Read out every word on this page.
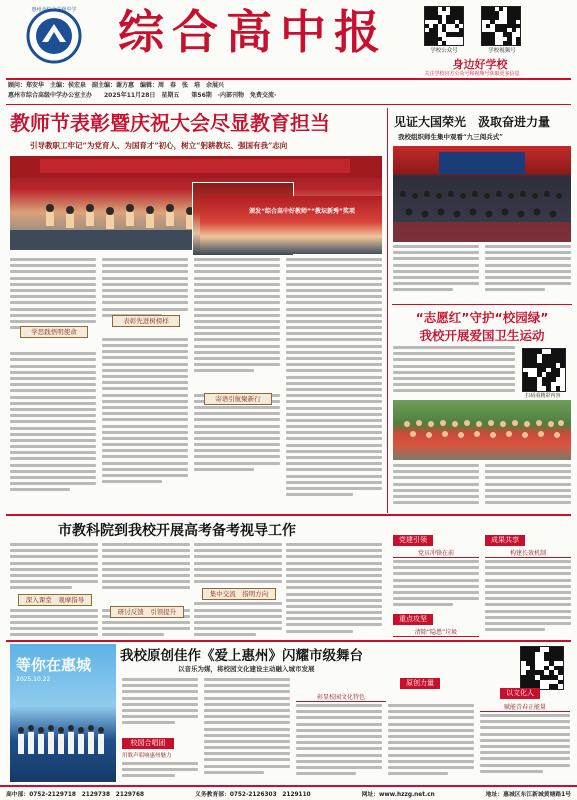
惠州市综合高级中学 综合高中报	学校公众号	学校视频号
身边好学校
关注学校官方公众号和视频号获取更多信息
顾问：郑安华　主编：侯宏泉　副主编：谢方惠　编辑：周　春　张　培　余展兴
惠州市综合高级中学办公室主办　　2025年11月28日　星期五　　第56期　·内部刊物　免费交流·
教师节表彰暨庆祝大会尽显教育担当
引导教职工牢记“为党育人、为国育才”初心，树立“躬耕教坛、强国有我”志向
颁发“综合高中好教师”“教坛新秀”奖项
学思践悟明使命
表彰先进树榜样
寄语引航聚新行
见证大国荣光　汲取奋进力量
我校组织师生集中观看“九三阅兵式”
“志愿红”守护“校园绿”
我校开展爱国卫生运动
扫码看精彩内容
市教科院到我校开展高考备考视导工作
深入课堂　观摩指导
研讨反馈　引领提升
集中交流　指明方向
党建引领
党员冲锋在前
重点攻坚
清除“隐患”垃圾
成果共享
构建长效机制
等你在惠城
2025.10.22
我校原创佳作《爱上惠州》闪耀市级舞台
以音乐为媒，将校园文化建设主动融入城市发展
校园合唱团
用歌声唱响惠州魅力
原创力量
以文化人
彰显校园文化特色
赋能青春正能量
高中部：0752-2129718　2129738　2129768	义务教育部：0752-2126303　2129110	网址：www.hzzg.net.cn	地址：惠城区东江新城黄塘路1号
